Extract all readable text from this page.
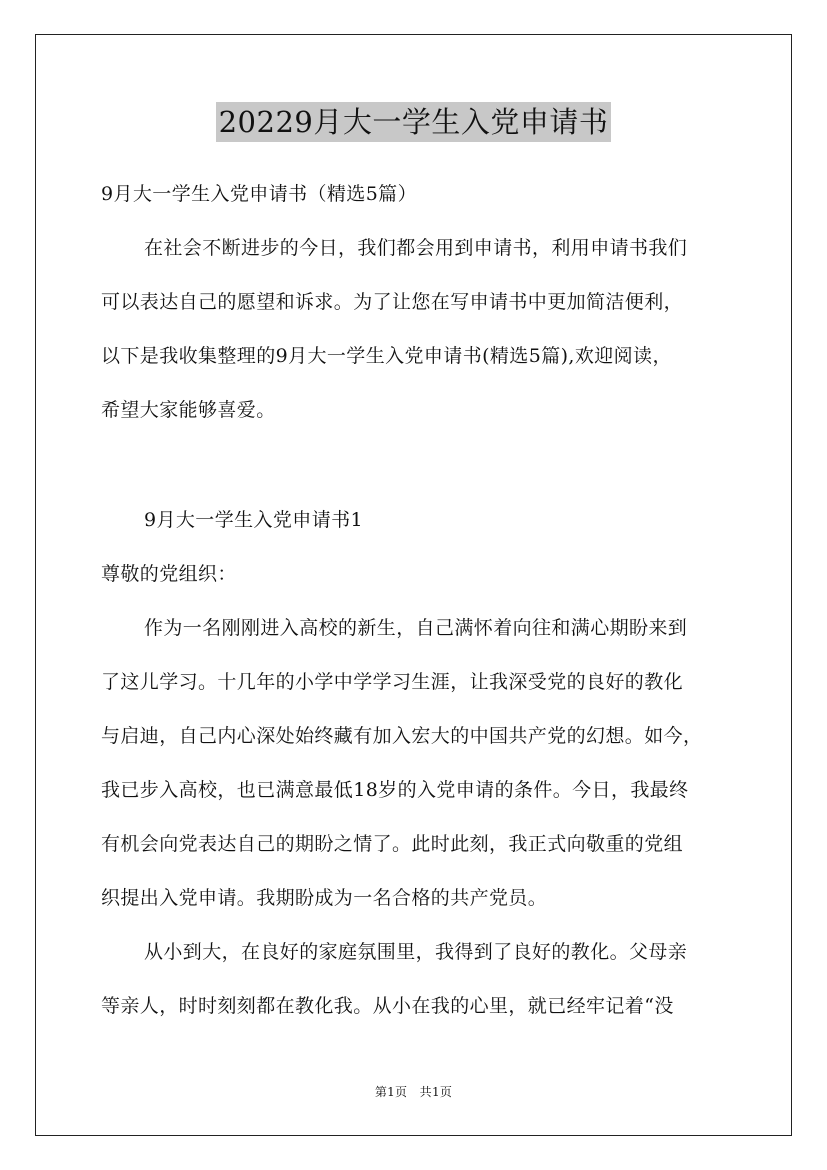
20229月大一学生入党申请书
9月大一学生入党申请书（精选5篇）
在社会不断进步的今日，我们都会用到申请书，利用申请书我们
可以表达自己的愿望和诉求。为了让您在写申请书中更加简洁便利，
以下是我收集整理的9月大一学生入党申请书(精选5篇),欢迎阅读，
希望大家能够喜爱。
9月大一学生入党申请书1
尊敬的党组织：
作为一名刚刚进入高校的新生，自己满怀着向往和满心期盼来到
了这儿学习。十几年的小学中学学习生涯，让我深受党的良好的教化
与启迪，自己内心深处始终藏有加入宏大的中国共产党的幻想。如今，
我已步入高校，也已满意最低18岁的入党申请的条件。今日，我最终
有机会向党表达自己的期盼之情了。此时此刻，我正式向敬重的党组
织提出入党申请。我期盼成为一名合格的共产党员。
从小到大，在良好的家庭氛围里，我得到了良好的教化。父母亲
等亲人，时时刻刻都在教化我。从小在我的心里，就已经牢记着“没
第1页　共1页
